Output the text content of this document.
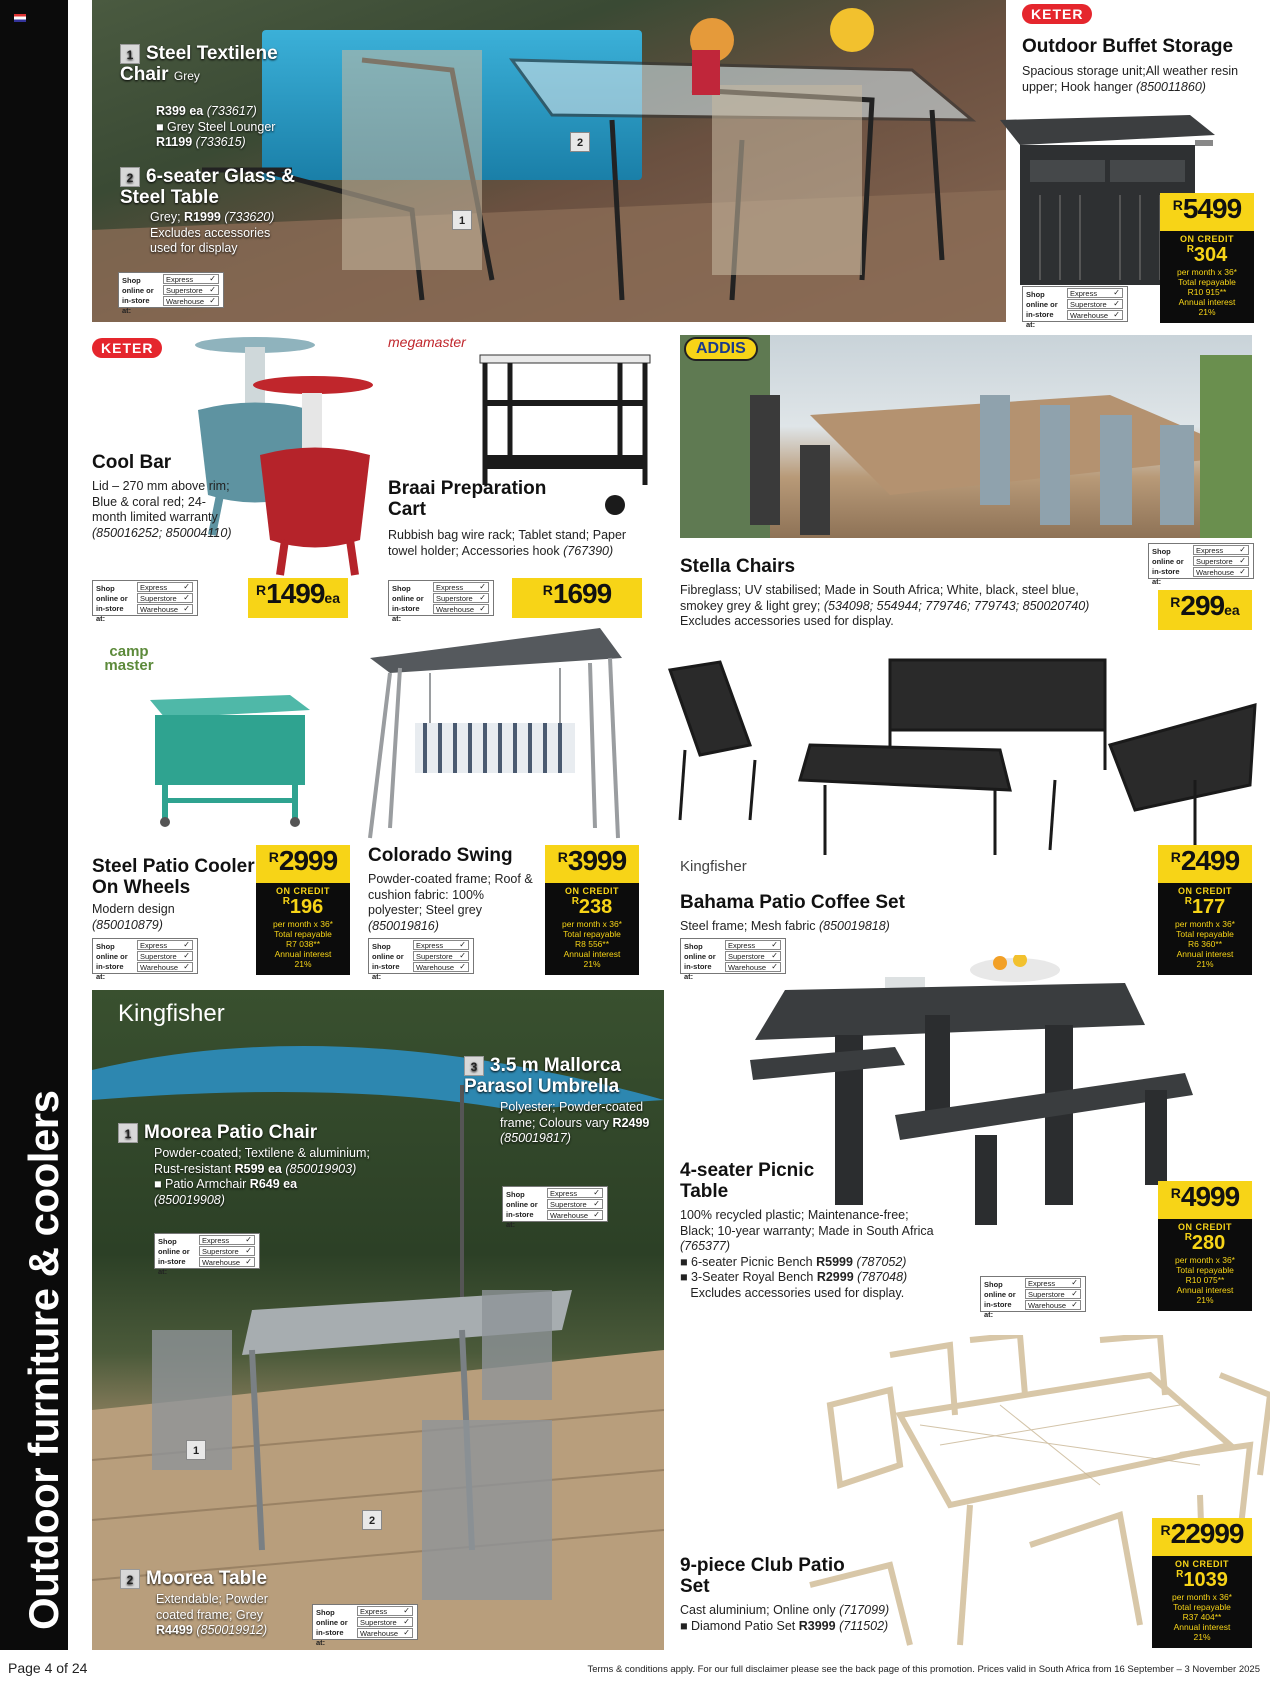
Outdoor furniture & coolers
2
1
1 Steel Textilene Chair Grey
R399 ea (733617)
■ Grey Steel Lounger
R1199 (733615)
2 6-seater Glass & Steel Table
Grey; R1999 (733620)
Excludes accessories used for display
Shop
online or
in-store at:
Express ✓
Superstore ✓
Warehouse ✓
KETER
Outdoor Buffet Storage
Spacious storage unit;All weather resin upper; Hook hanger (850011860)
R5499
ON CREDIT
$^R$304
per month x 36*
Total repayable
R10 915**
Annual interest
21%
Shop
online or
in-store at:
Express ✓
Superstore ✓
Warehouse ✓
KETER
Cool Bar
Lid – 270 mm above rim; Blue & coral red; 24-month limited warranty (850016252; 850004110)
Shop
online or
in-store at:
Express ✓
Superstore ✓
Warehouse ✓
R1499ea
megamaster
Braai Preparation Cart
Rubbish bag wire rack; Tablet stand; Paper towel holder; Accessories hook (767390)
Shop
online or
in-store at:
Express ✓
Superstore ✓
Warehouse ✓
R1699
ADDIS
Stella Chairs
Fibreglass; UV stabilised; Made in South Africa; White, black, steel blue, smokey grey & light grey; (534098; 554944; 779746; 779743; 850020740) Excludes accessories used for display.
Shop
online or
in-store at:
Express ✓
Superstore ✓
Warehouse ✓
R299ea
camp master
Steel Patio Cooler On Wheels
Modern design
(850010879)
Shop
online or
in-store at:
Express ✓
Superstore ✓
Warehouse ✓
R2999
ON CREDIT
$^R$196
per month x 36*
Total repayable
R7 038**
Annual interest
21%
Colorado Swing
Powder-coated frame; Roof & cushion fabric: 100% polyester; Steel grey (850019816)
Shop
online or
in-store at:
Express ✓
Superstore ✓
Warehouse ✓
R3999
ON CREDIT
$^R$238
per month x 36*
Total repayable
R8 556**
Annual interest
21%
Kingfisher
Bahama Patio Coffee Set
Steel frame; Mesh fabric (850019818)
Shop
online or
in-store at:
Express ✓
Superstore ✓
Warehouse ✓
R2499
ON CREDIT
$^R$177
per month x 36*
Total repayable
R6 360**
Annual interest
21%
1
2
Kingfisher
3 3.5 m Mallorca Parasol Umbrella
Polyester; Powder-coated frame; Colours vary R2499 (850019817)
Shop
online or
in-store at:
Express ✓
Superstore ✓
Warehouse ✓
1 Moorea Patio Chair
Powder-coated; Textilene & aluminium; Rust-resistant R599 ea (850019903)
■ Patio Armchair R649 ea
(850019908)
Shop
online or
in-store at:
Express ✓
Superstore ✓
Warehouse ✓
2 Moorea Table
Extendable; Powder coated frame; Grey
R4499 (850019912)
Shop
online or
in-store at:
Express ✓
Superstore ✓
Warehouse ✓
4-seater Picnic Table
100% recycled plastic; Maintenance-free; Black; 10-year warranty; Made in South Africa
(765377)
■ 6-seater Picnic Bench R5999 (787052)
■ 3-Seater Royal Bench R2999 (787048)
Excludes accessories used for display.
Shop
online or
in-store at:
Express ✓
Superstore ✓
Warehouse ✓
R4999
ON CREDIT
$^R$280
per month x 36*
Total repayable
R10 075**
Annual interest
21%
9-piece Club Patio Set
Cast aluminium; Online only (717099)
■ Diamond Patio Set R3999 (711502)
R22999
ON CREDIT
$^R$1039
per month x 36*
Total repayable
R37 404**
Annual interest
21%
Page 4 of 24	Terms & conditions apply. For our full disclaimer please see the back page of this promotion. Prices valid in South Africa from 16 September – 3 November 2025
